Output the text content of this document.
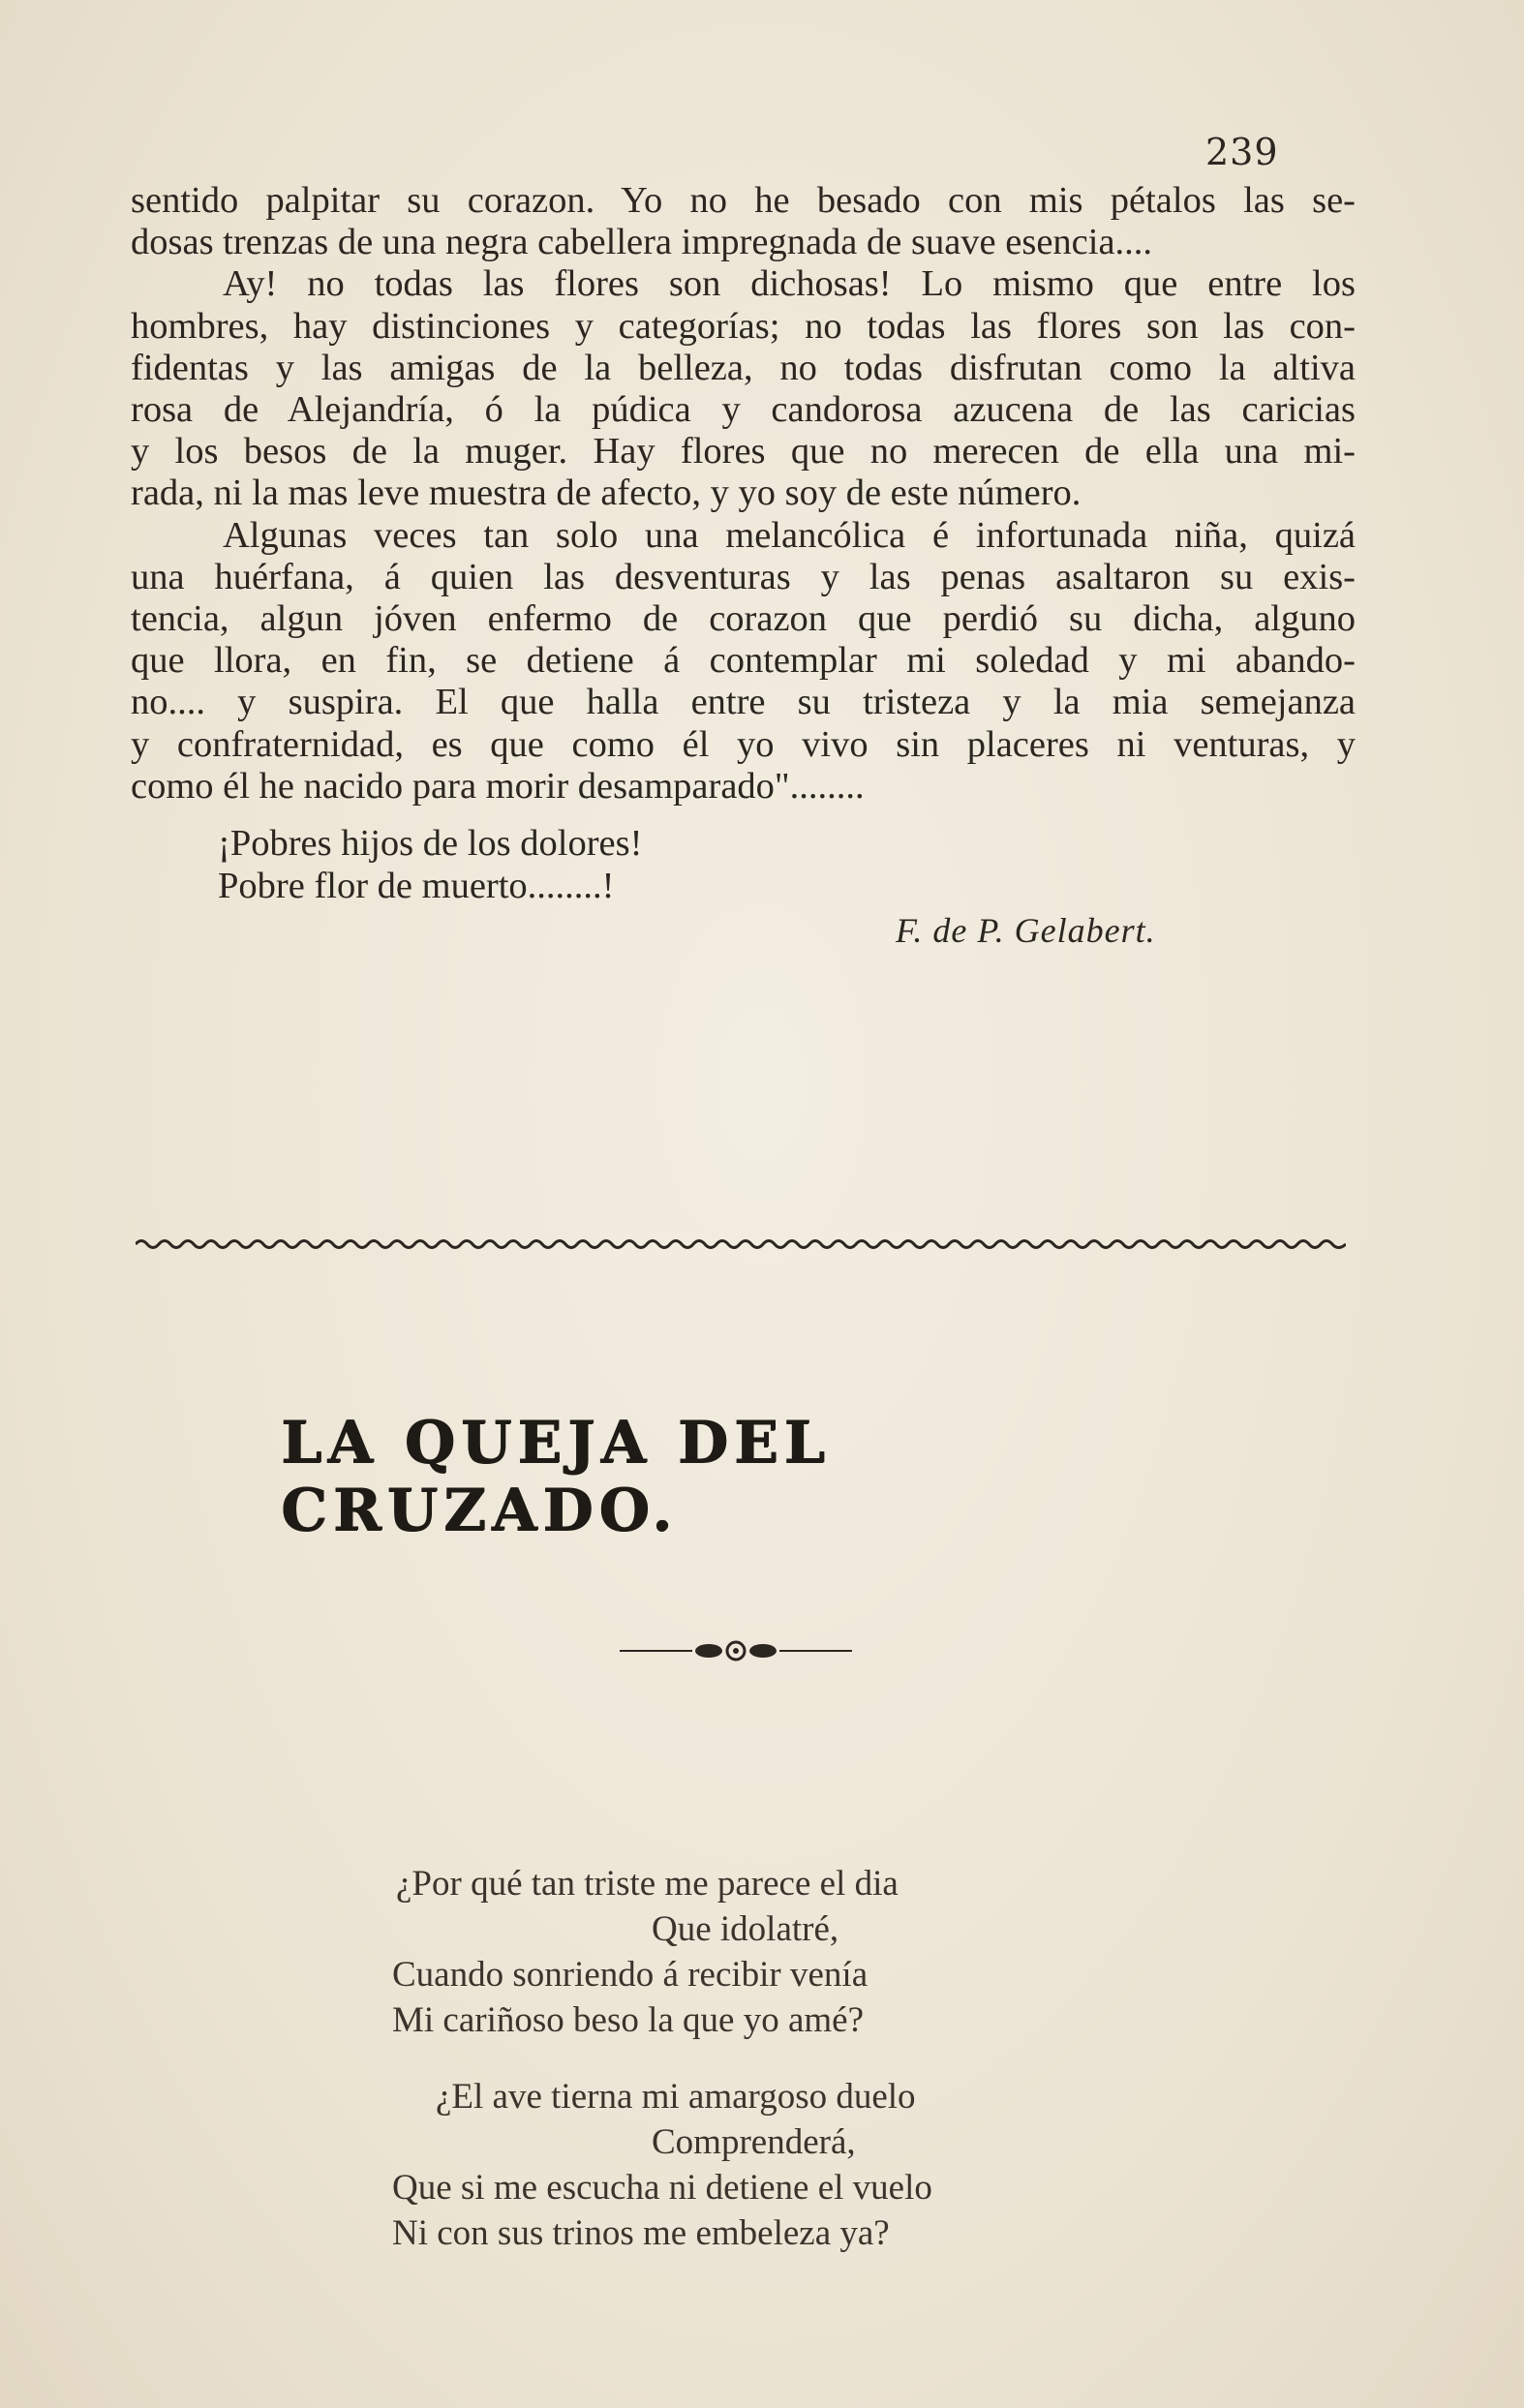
239

sentido palpitar su corazon. Yo no he besado con mis pétalos las se-

dosas trenzas de una negra cabellera impregnada de suave esencia....

Ay! no todas las flores son dichosas! Lo mismo que entre los

hombres, hay distinciones y categorías; no todas las flores son las con-

fidentas y las amigas de la belleza, no todas disfrutan como la altiva

rosa de Alejandría, ó la púdica y candorosa azucena de las caricias

y los besos de la muger. Hay flores que no merecen de ella una mi-

rada, ni la mas leve muestra de afecto, y yo soy de este número.

Algunas veces tan solo una melancólica é infortunada niña, quizá

una huérfana, á quien las desventuras y las penas asaltaron su exis-

tencia, algun jóven enfermo de corazon que perdió su dicha, alguno

que llora, en fin, se detiene á contemplar mi soledad y mi abando-

no.... y suspira. El que halla entre su tristeza y la mia semejanza

y confraternidad, es que como él yo vivo sin placeres ni venturas, y

como él he nacido para morir desamparado"........

¡Pobres hijos de los dolores!
Pobre flor de muerto........!
F. de P. Gelabert.
LA QUEJA DEL CRUZADO.
¿Por qué tan triste me parece el dia
Que idolatré,
Cuando sonriendo á recibir venía
Mi cariñoso beso la que yo amé?
¿El ave tierna mi amargoso duelo
Comprenderá,
Que si me escucha ni detiene el vuelo
Ni con sus trinos me embeleza ya?
